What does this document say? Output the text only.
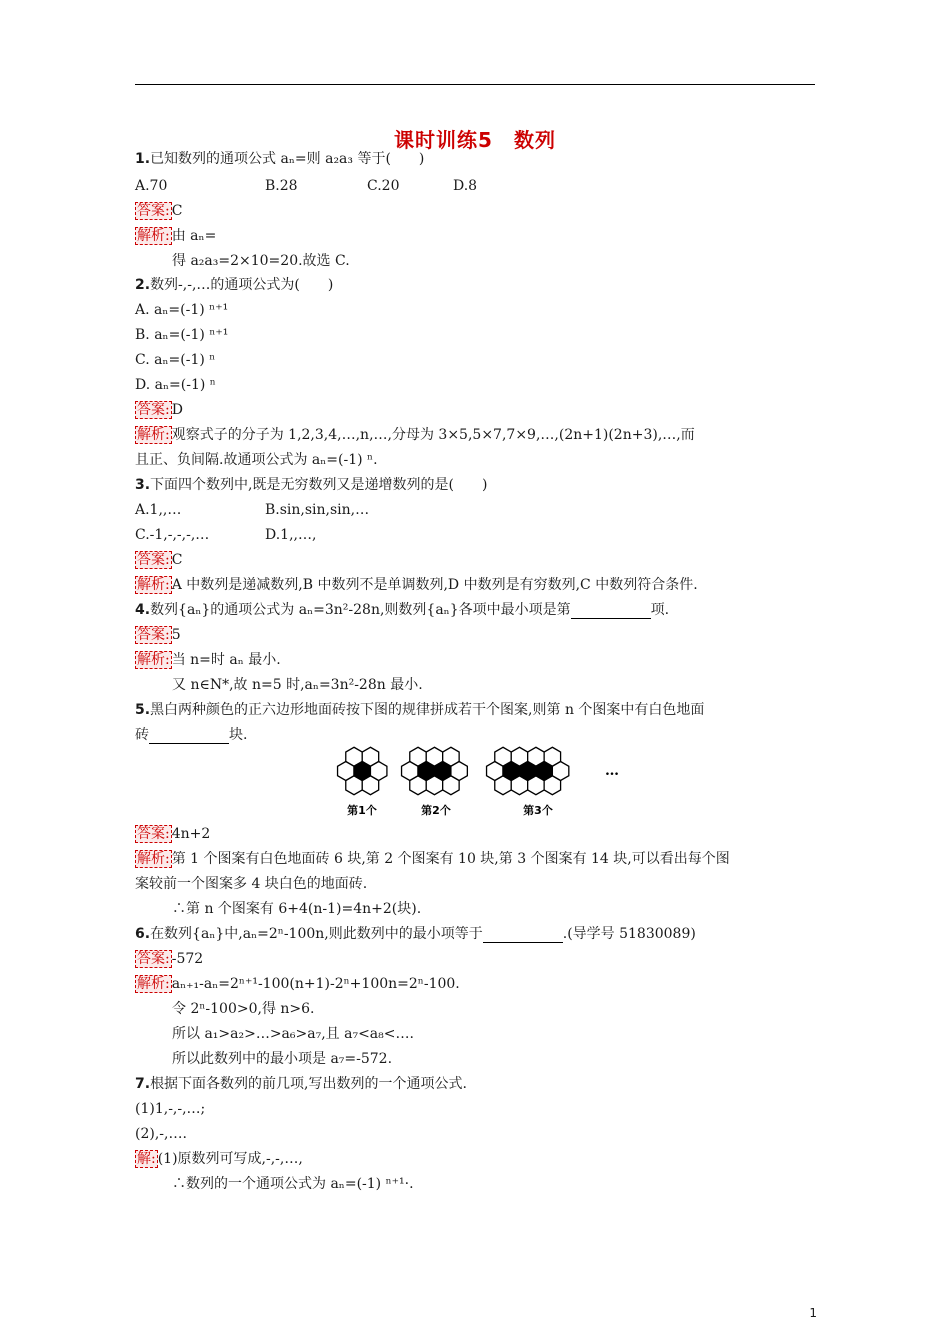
课时训练5　数列
1.已知数列的通项公式 aₙ=则 a₂a₃ 等于(　　)
A.70	B.28	C.20	D.8
答案: C
解析: 由 aₙ=
得 a₂a₃=2×10=20.故选 C.
2.数列-,-,…的通项公式为(　　)
A. aₙ=(-1) ⁿ⁺¹
B. aₙ=(-1) ⁿ⁺¹
C. aₙ=(-1) ⁿ
D. aₙ=(-1) ⁿ
答案: D
解析: 观察式子的分子为 1,2,3,4,…,n,…,分母为 3×5,5×7,7×9,…,(2n+1)(2n+3),…,而
且正、负间隔.故通项公式为 aₙ=(-1) ⁿ.
3.下面四个数列中,既是无穷数列又是递增数列的是(　　)
A.1,,…	B.sin,sin,sin,…
C.-1,-,-,-,…	D.1,,…,
答案: C
解析: A 中数列是递减数列,B 中数列不是单调数列,D 中数列是有穷数列,C 中数列符合条件.
4.数列{aₙ}的通项公式为 aₙ=3n²-28n,则数列{aₙ}各项中最小项是第	项.
答案: 5
解析: 当 n=时 aₙ 最小.
又 n∈N*,故 n=5 时,aₙ=3n²-28n 最小.
5.黑白两种颜色的正六边形地面砖按下图的规律拼成若干个图案,则第 n 个图案中有白色地面
砖	块.
第1个	第2个	第3个
…
答案: 4n+2
解析: 第 1 个图案有白色地面砖 6 块,第 2 个图案有 10 块,第 3 个图案有 14 块,可以看出每个图
案较前一个图案多 4 块白色的地面砖.
∴第 n 个图案有 6+4(n-1)=4n+2(块).
6.在数列{aₙ}中,aₙ=2ⁿ-100n,则此数列中的最小项等于	.(导学号 51830089)
答案: -572
解析: aₙ₊₁-aₙ=2ⁿ⁺¹-100(n+1)-2ⁿ+100n=2ⁿ-100.
令 2ⁿ-100>0,得 n>6.
所以 a₁>a₂>…>a₆>a₇,且 a₇<a₈<….
所以此数列中的最小项是 a₇=-572.
7.根据下面各数列的前几项,写出数列的一个通项公式.
(1)1,-,-,…;
(2),-,….
解: (1)原数列可写成,-,-,…,
∴数列的一个通项公式为 aₙ=(-1) ⁿ⁺¹·.
1
